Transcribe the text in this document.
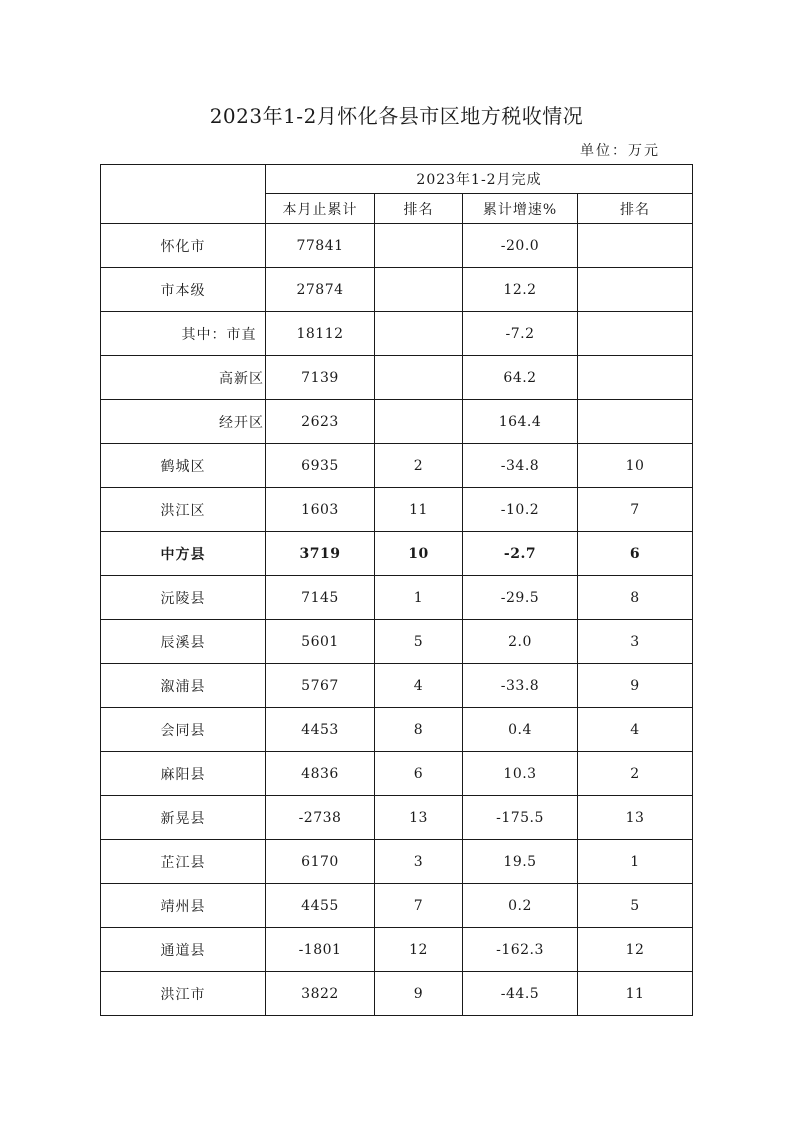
2023年1-2月怀化各县市区地方税收情况
单位：万元
	2023年1-2月完成			
	本月止累计	排名	累计增速%	排名
怀化市	77841		-20.0	
市本级	27874		12.2	
其中：市直	18112		-7.2	
高新区	7139		64.2	
经开区	2623		164.4	
鹤城区	6935	2	-34.8	10
洪江区	1603	11	-10.2	7
中方县	3719	10	-2.7	6
沅陵县	7145	1	-29.5	8
辰溪县	5601	5	2.0	3
溆浦县	5767	4	-33.8	9
会同县	4453	8	0.4	4
麻阳县	4836	6	10.3	2
新晃县	-2738	13	-175.5	13
芷江县	6170	3	19.5	1
靖州县	4455	7	0.2	5
通道县	-1801	12	-162.3	12
洪江市	3822	9	-44.5	11
